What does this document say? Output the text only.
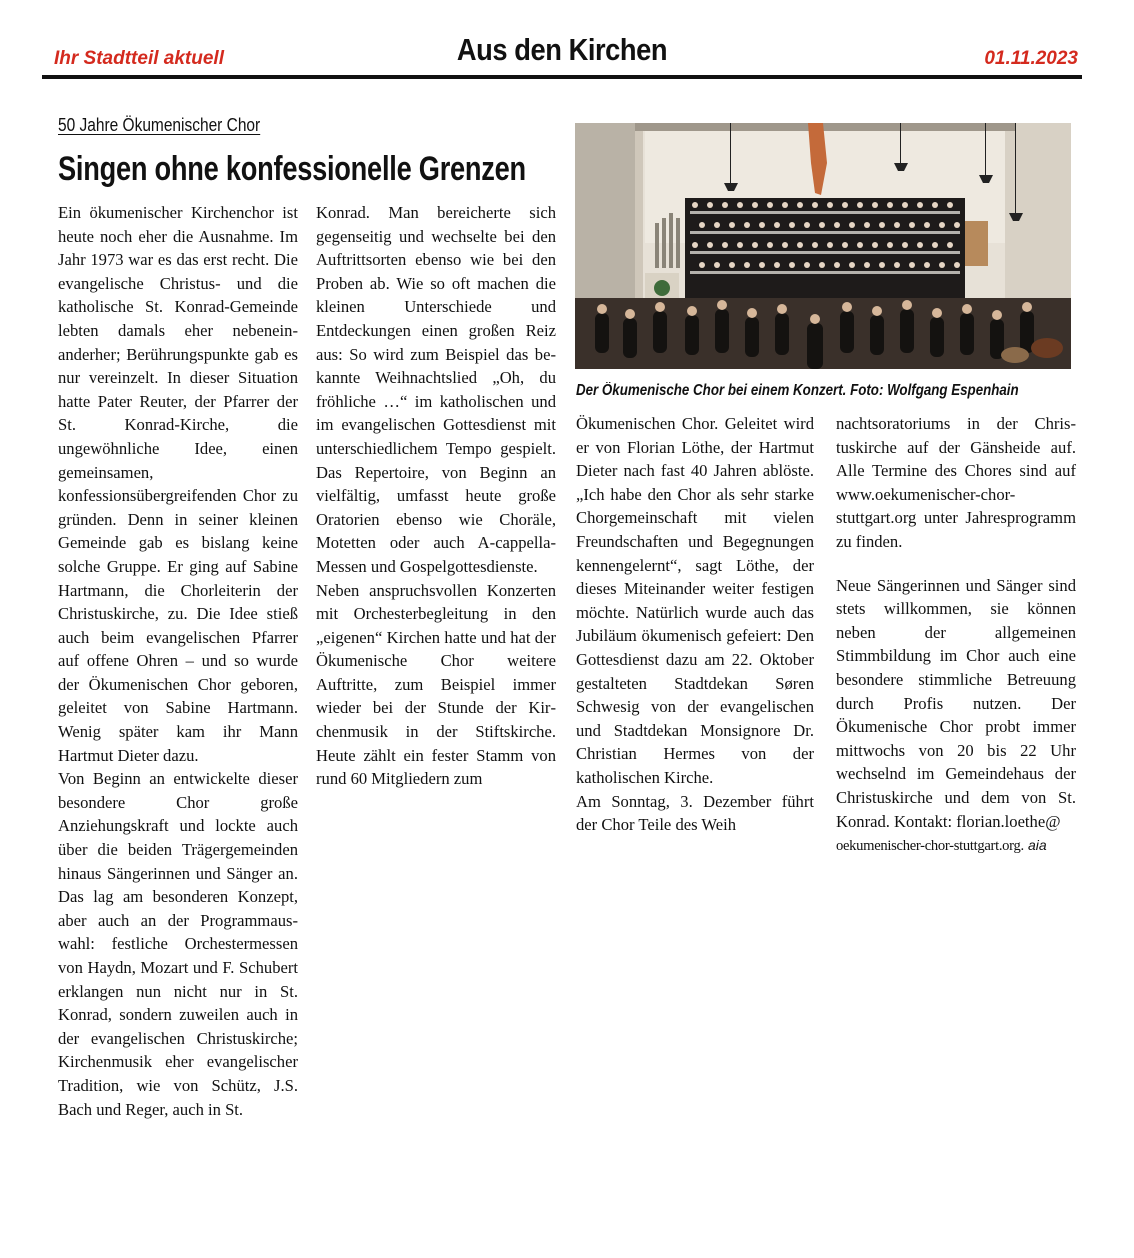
Ihr Stadtteil aktuell	Aus den Kirchen	01.11.2023
50 Jahre Ökumenischer Chor
Singen ohne konfessionelle Grenzen

Ein ökumenischer Kirchenchor ist heute noch eher die Ausnahme. Im Jahr 1973 war es das erst recht. Die evangelische Christus- und die katholische St. Konrad-Gemeinde lebten damals eher nebeneinanderher; Berührungspunkte gab es nur vereinzelt. In dieser Situation hatte Pater Reuter, der Pfarrer der St. Konrad-Kirche, die ungewöhnliche Idee, einen gemeinsamen, konfessionsübergreifenden Chor zu gründen. Denn in seiner kleinen Gemeinde gab es bislang keine solche Gruppe. Er ging auf Sabine Hartmann, die Chorleiterin der Christuskirche, zu. Die Idee stieß auch beim evangelischen Pfarrer auf offene Ohren – und so wurde der Ökumenischen Chor geboren, geleitet von Sabine Hartmann. Wenig später kam ihr Mann Hartmut Dieter dazu.

Von Beginn an entwickelte dieser besondere Chor große Anziehungskraft und lockte auch über die beiden Trägergemeinden hinaus Sängerinnen und Sänger an. Das lag am besonderen Konzept, aber auch an der Programmauswahl: festliche Orchestermessen von Haydn, Mozart und F. Schubert erklangen nun nicht nur in St. Konrad, sondern zuweilen auch in der evangelischen Christuskirche; Kirchenmusik eher evangelischer Tradition, wie von Schütz, J.S. Bach und Reger, auch in St.

Konrad. Man bereicherte sich gegenseitig und wechselte bei den Auftrittsorten ebenso wie bei den Proben ab. Wie so oft machen die kleinen Unterschiede und Entdeckungen einen großen Reiz aus: So wird zum Beispiel das bekannte Weihnachtslied „Oh, du fröhliche …“ im katholischen und im evangelischen Gottesdienst mit unterschiedlichem Tempo gespielt. Das Repertoire, von Beginn an vielfältig, umfasst heute große Oratorien ebenso wie Choräle, Motetten oder auch A-cappella-Messen und Gospelgottesdienste.

Neben anspruchsvollen Konzerten mit Orchesterbegleitung in den „eigenen“ Kirchen hatte und hat der Ökumenische Chor weitere Auftritte, zum Beispiel immer wieder bei der Stunde der Kirchenmusik in der Stiftskirche. Heute zählt ein fester Stamm von rund 60 Mitgliedern zum

Der Ökumenische Chor bei einem Konzert. Foto: Wolfgang Espenhain

Ökumenischen Chor. Geleitet wird er von Florian Löthe, der Hartmut Dieter nach fast 40 Jahren ablöste. „Ich habe den Chor als sehr starke Chorgemeinschaft mit vielen Freundschaften und Begegnungen kennengelernt“, sagt Löthe, der dieses Miteinander weiter festigen möchte. Natürlich wurde auch das Jubiläum ökumenisch gefeiert: Den Gottesdienst dazu am 22. Oktober gestalteten Stadtdekan Søren Schwesig von der evangelischen und Stadtdekan Monsignore Dr. Christian Hermes von der katholischen Kirche.

Am Sonntag, 3. Dezember führt der Chor Teile des Weih

nachtsoratoriums in der Christuskirche auf der Gänsheide auf. Alle Termine des Chores sind auf www.oekumenischer-chor-stuttgart.org unter Jahresprogramm zu finden.

Neue Sängerinnen und Sänger sind stets willkommen, sie können neben der allgemeinen Stimmbildung im Chor auch eine besondere stimmliche Betreuung durch Profis nutzen. Der Ökumenische Chor probt immer mittwochs von 20 bis 22 Uhr wechselnd im Gemeindehaus der Christuskirche und dem von St. Konrad. Kontakt: florian.loethe@
oekumenischer-chor-stuttgart.org. aia
